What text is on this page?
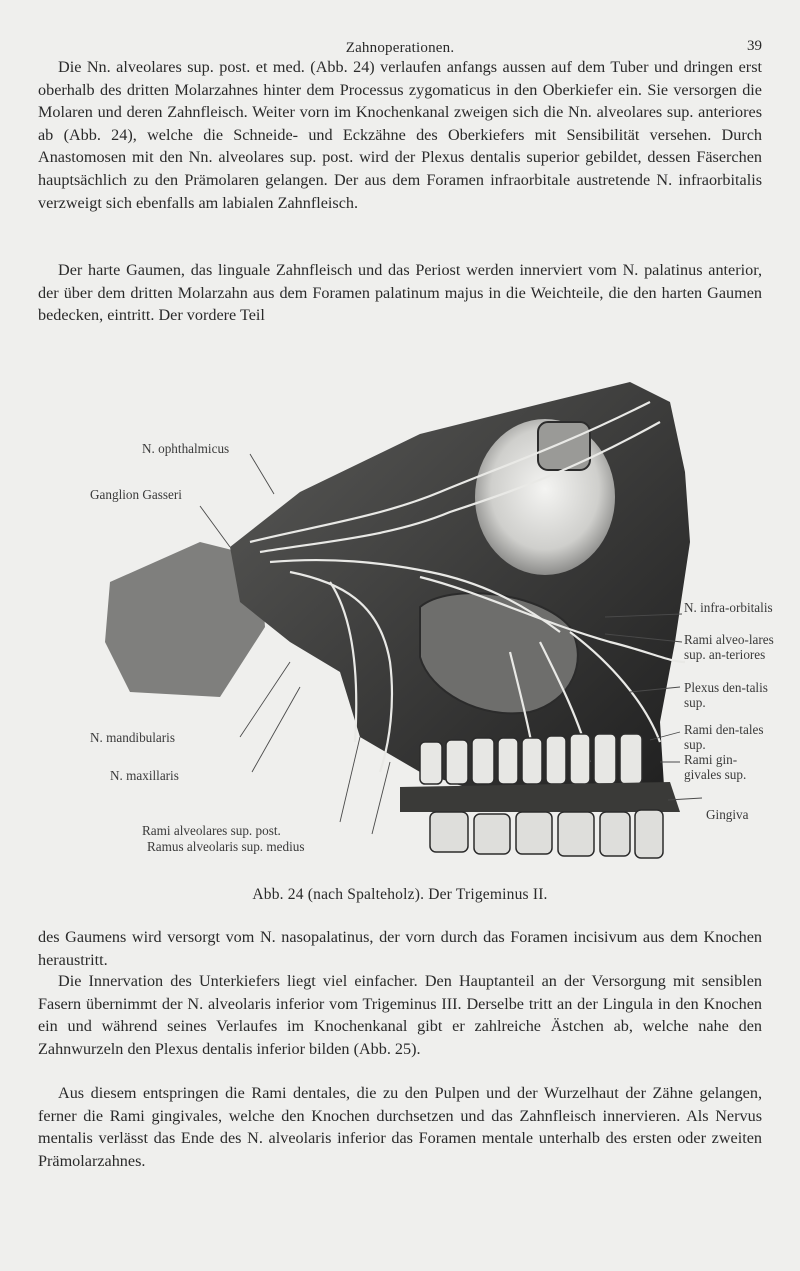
Zahnoperationen.	39

Die Nn. alveolares sup. post. et med. (Abb. 24) verlaufen anfangs aussen auf dem Tuber und dringen erst oberhalb des dritten Molarzahnes hinter dem Processus zygomaticus in den Oberkiefer ein. Sie versorgen die Molaren und deren Zahnfleisch. Weiter vorn im Knochenkanal zweigen sich die Nn. alveolares sup. anteriores ab (Abb. 24), welche die Schneide- und Eckzähne des Oberkiefers mit Sensibilität versehen. Durch Anastomosen mit den Nn. alveolares sup. post. wird der Plexus dentalis superior gebildet, dessen Fäserchen hauptsächlich zu den Prämolaren gelangen. Der aus dem Foramen infraorbitale austretende N. infraorbitalis verzweigt sich ebenfalls am labialen Zahnfleisch.

Der harte Gaumen, das linguale Zahnfleisch und das Periost werden innerviert vom N. palatinus anterior, der über dem dritten Molarzahn aus dem Foramen palatinum majus in die Weichteile, die den harten Gaumen bedecken, eintritt. Der vordere Teil

N. ophthalmicus
Ganglion Gasseri
N. mandibularis
N. maxillaris
Rami alveolares sup. post.
Ramus alveolaris sup. medius
N. infra-orbitalis
Rami alveo-lares sup. an-teriores
Plexus den-talis sup.
Rami den-tales sup.
Rami gin-givales sup.
Gingiva
Abb. 24 (nach Spalteholz). Der Trigeminus II.

des Gaumens wird versorgt vom N. nasopalatinus, der vorn durch das Foramen incisivum aus dem Knochen heraustritt.

Die Innervation des Unterkiefers liegt viel einfacher. Den Hauptanteil an der Versorgung mit sensiblen Fasern übernimmt der N. alveolaris inferior vom Trigeminus III. Derselbe tritt an der Lingula in den Knochen ein und während seines Verlaufes im Knochenkanal gibt er zahlreiche Ästchen ab, welche nahe den Zahnwurzeln den Plexus dentalis inferior bilden (Abb. 25).

Aus diesem entspringen die Rami dentales, die zu den Pulpen und der Wurzelhaut der Zähne gelangen, ferner die Rami gingivales, welche den Knochen durchsetzen und das Zahnfleisch innervieren. Als Nervus mentalis verlässt das Ende des N. alveolaris inferior das Foramen mentale unterhalb des ersten oder zweiten Prämolarzahnes.
